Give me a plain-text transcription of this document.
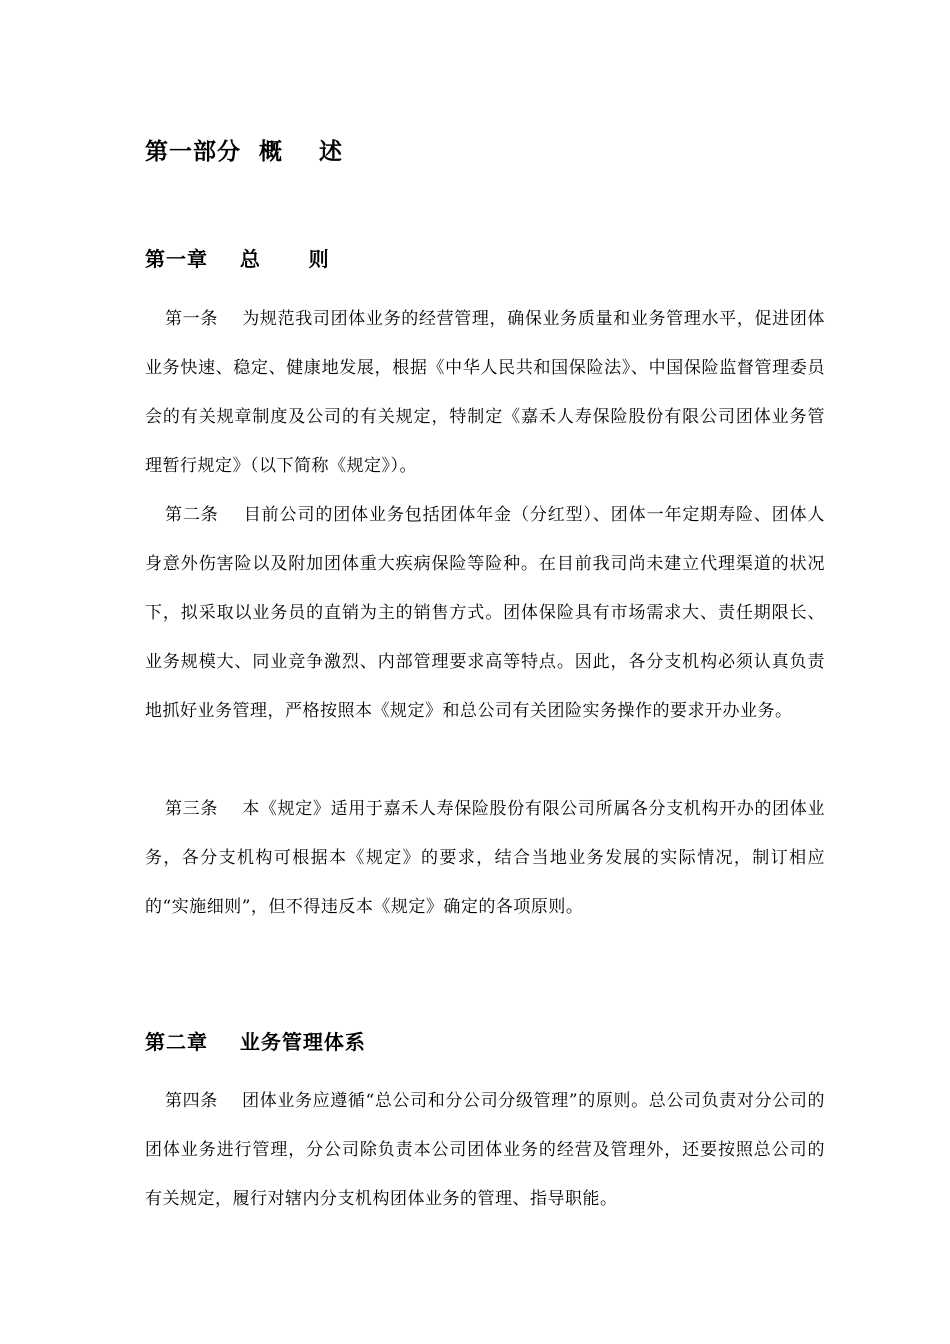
第一部分  概    述
第一章    总      则
第一条    为规范我司团体业务的经营管理，确保业务质量和业务管理水平，促进团体业务快速、稳定、健康地发展，根据《中华人民共和国保险法》、中国保险监督管理委员会的有关规章制度及公司的有关规定，特制定《嘉禾人寿保险股份有限公司团体业务管理暂行规定》（以下简称《规定》）。
第二条    目前公司的团体业务包括团体年金（分红型）、团体一年定期寿险、团体人身意外伤害险以及附加团体重大疾病保险等险种。在目前我司尚未建立代理渠道的状况下，拟采取以业务员的直销为主的销售方式。团体保险具有市场需求大、责任期限长、业务规模大、同业竞争激烈、内部管理要求高等特点。因此，各分支机构必须认真负责地抓好业务管理，严格按照本《规定》和总公司有关团险实务操作的要求开办业务。
第三条    本《规定》适用于嘉禾人寿保险股份有限公司所属各分支机构开办的团体业务，各分支机构可根据本《规定》的要求，结合当地业务发展的实际情况，制订相应的“实施细则”，但不得违反本《规定》确定的各项原则。
第二章    业务管理体系
第四条    团体业务应遵循“总公司和分公司分级管理”的原则。总公司负责对分公司的团体业务进行管理，分公司除负责本公司团体业务的经营及管理外，还要按照总公司的有关规定，履行对辖内分支机构团体业务的管理、指导职能。
